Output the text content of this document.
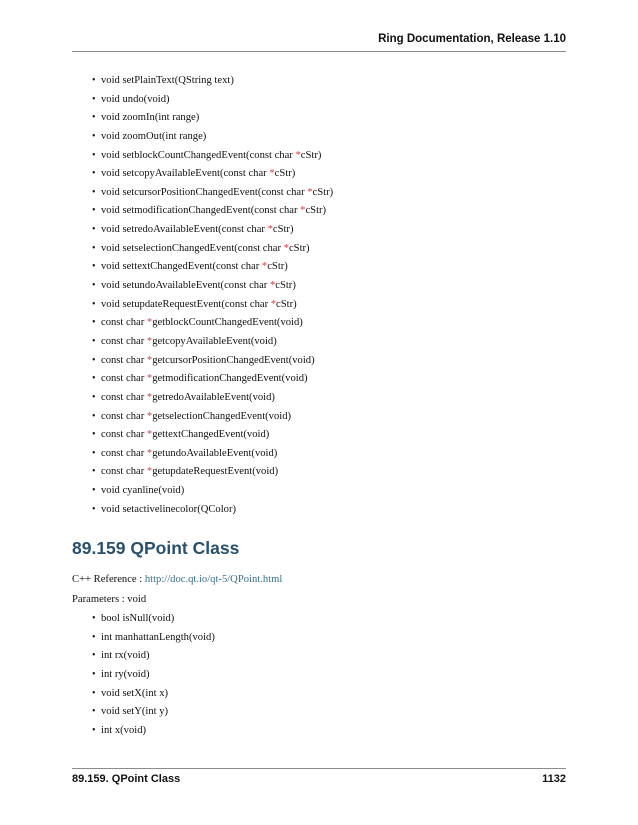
Ring Documentation, Release 1.10
• void setPlainText(QString text)
• void undo(void)
• void zoomIn(int range)
• void zoomOut(int range)
• void setblockCountChangedEvent(const char *cStr)
• void setcopyAvailableEvent(const char *cStr)
• void setcursorPositionChangedEvent(const char *cStr)
• void setmodificationChangedEvent(const char *cStr)
• void setredoAvailableEvent(const char *cStr)
• void setselectionChangedEvent(const char *cStr)
• void settextChangedEvent(const char *cStr)
• void setundoAvailableEvent(const char *cStr)
• void setupdateRequestEvent(const char *cStr)
• const char *getblockCountChangedEvent(void)
• const char *getcopyAvailableEvent(void)
• const char *getcursorPositionChangedEvent(void)
• const char *getmodificationChangedEvent(void)
• const char *getredoAvailableEvent(void)
• const char *getselectionChangedEvent(void)
• const char *gettextChangedEvent(void)
• const char *getundoAvailableEvent(void)
• const char *getupdateRequestEvent(void)
• void cyanline(void)
• void setactivelinecolor(QColor)
89.159 QPoint Class
C++ Reference : http://doc.qt.io/qt-5/QPoint.html
Parameters : void
• bool isNull(void)
• int manhattanLength(void)
• int rx(void)
• int ry(void)
• void setX(int x)
• void setY(int y)
• int x(void)
89.159. QPoint Class	1132
